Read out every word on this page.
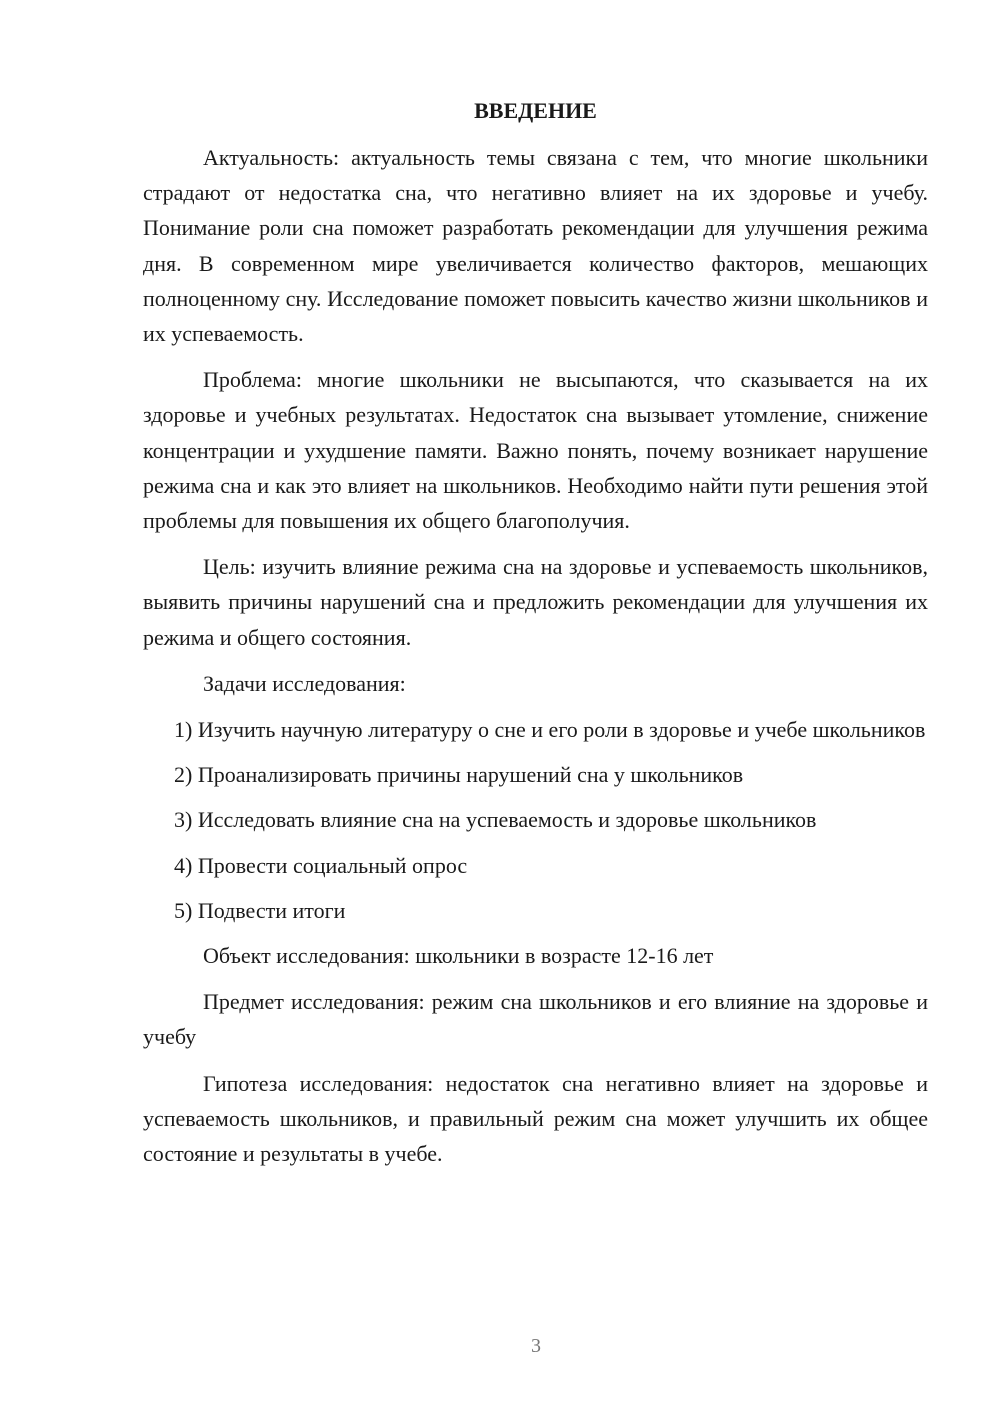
ВВЕДЕНИЕ

Актуальность: актуальность темы связана с тем, что многие школьники страдают от недостатка сна, что негативно влияет на их здоровье и учебу. Понимание роли сна поможет разработать рекомендации для улучшения режима дня. В современном мире увеличивается количество факторов, мешающих полноценному сну. Исследование поможет повысить качество жизни школьников и их успеваемость.

Проблема: многие школьники не высыпаются, что сказывается на их здоровье и учебных результатах. Недостаток сна вызывает утомление, снижение концентрации и ухудшение памяти. Важно понять, почему возникает нарушение режима сна и как это влияет на школьников. Необходимо найти пути решения этой проблемы для повышения их общего благополучия.

Цель: изучить влияние режима сна на здоровье и успеваемость школьников, выявить причины нарушений сна и предложить рекомендации для улучшения их режима и общего состояния.

Задачи исследования:

1) Изучить научную литературу о сне и его роли в здоровье и учебе школьников

2) Проанализировать причины нарушений сна у школьников

3) Исследовать влияние сна на успеваемость и здоровье школьников

4) Провести социальный опрос

5) Подвести итоги

Объект исследования: школьники в возрасте 12-16 лет

Предмет исследования: режим сна школьников и его влияние на здоровье и учебу

Гипотеза исследования: недостаток сна негативно влияет на здоровье и успеваемость школьников, и правильный режим сна может улучшить их общее состояние и результаты в учебе.

3
